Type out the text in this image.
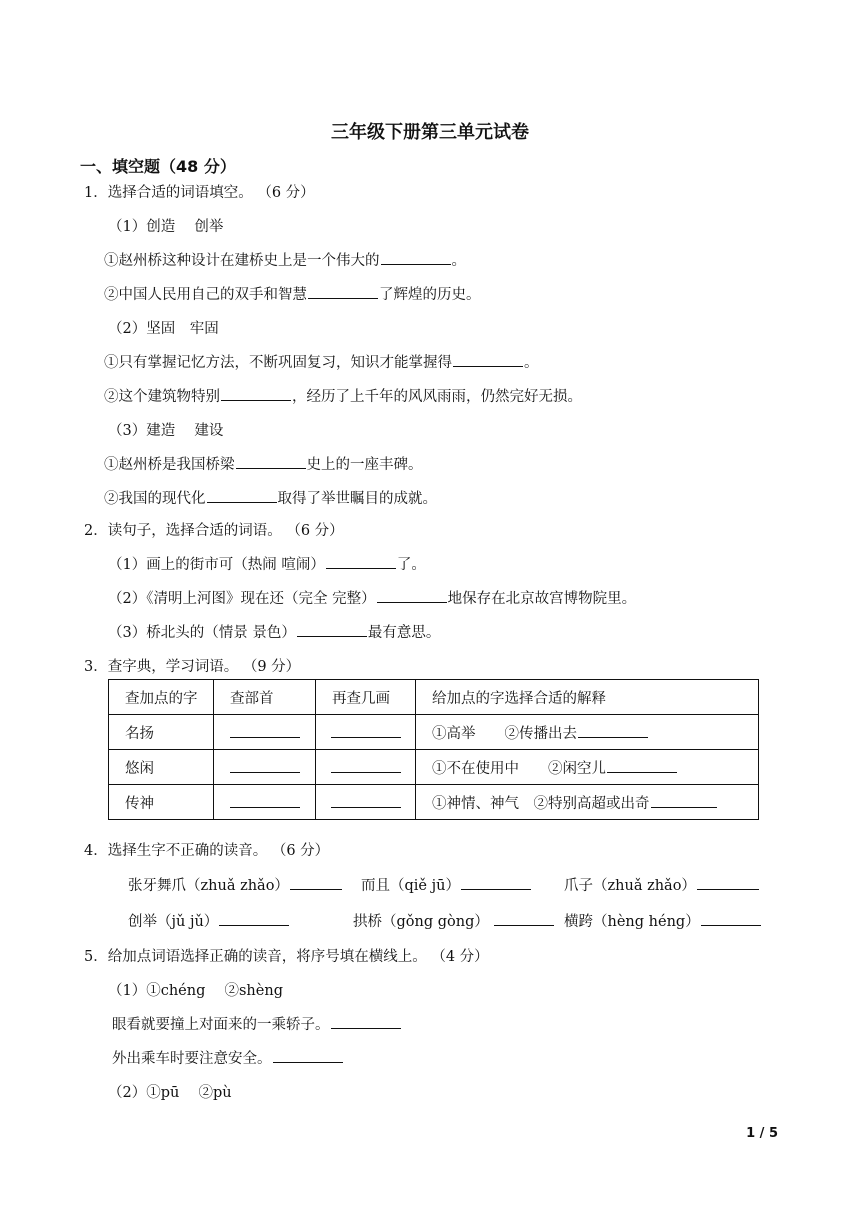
三年级下册第三单元试卷
一、填空题（48 分）
1．选择合适的词语填空。 （6 分）
（1）创造　 创举
①赵州桥这种设计在建桥史上是一个伟大的	。
②中国人民用自己的双手和智慧	了辉煌的历史。
（2）坚固　牢固
①只有掌握记忆方法，不断巩固复习，知识才能掌握得	。
②这个建筑物特别	，经历了上千年的风风雨雨，仍然完好无损。
（3）建造　 建设
①赵州桥是我国桥梁	史上的一座丰碑。
②我国的现代化	取得了举世瞩目的成就。
2．读句子，选择合适的词语。 （6 分）
（1）画上的街市可（热闹 喧闹）	了。
（2）《清明上河图》现在还（完全 完整）	地保存在北京故宫博物院里。
（3）桥北头的（情景 景色）	最有意思。
3．查字典，学习词语。 （9 分）
查加点的字	查部首	再查几画	给加点的字选择合适的解释
名扬			①高举　　 ②传播出去
悠闲			①不在使用中　　 ②闲空儿
传神			①神情、神气　 ②特别高超或出奇
4．选择生字不正确的读音。 （6 分）
张牙舞爪（zhuǎ zhǎo）	而且（qiě jū）	爪子（zhuǎ zhǎo）
创举（jǔ jǔ）	拱桥（gǒng gòng）	横跨（hèng héng）
5．给加点词语选择正确的读音，将序号填在横线上。 （4 分）
（1）①chéng　 ②shèng
眼看就要撞上对面来的一乘轿子。
外出乘车时要注意安全。
（2）①pū　 ②pù
1 / 5
